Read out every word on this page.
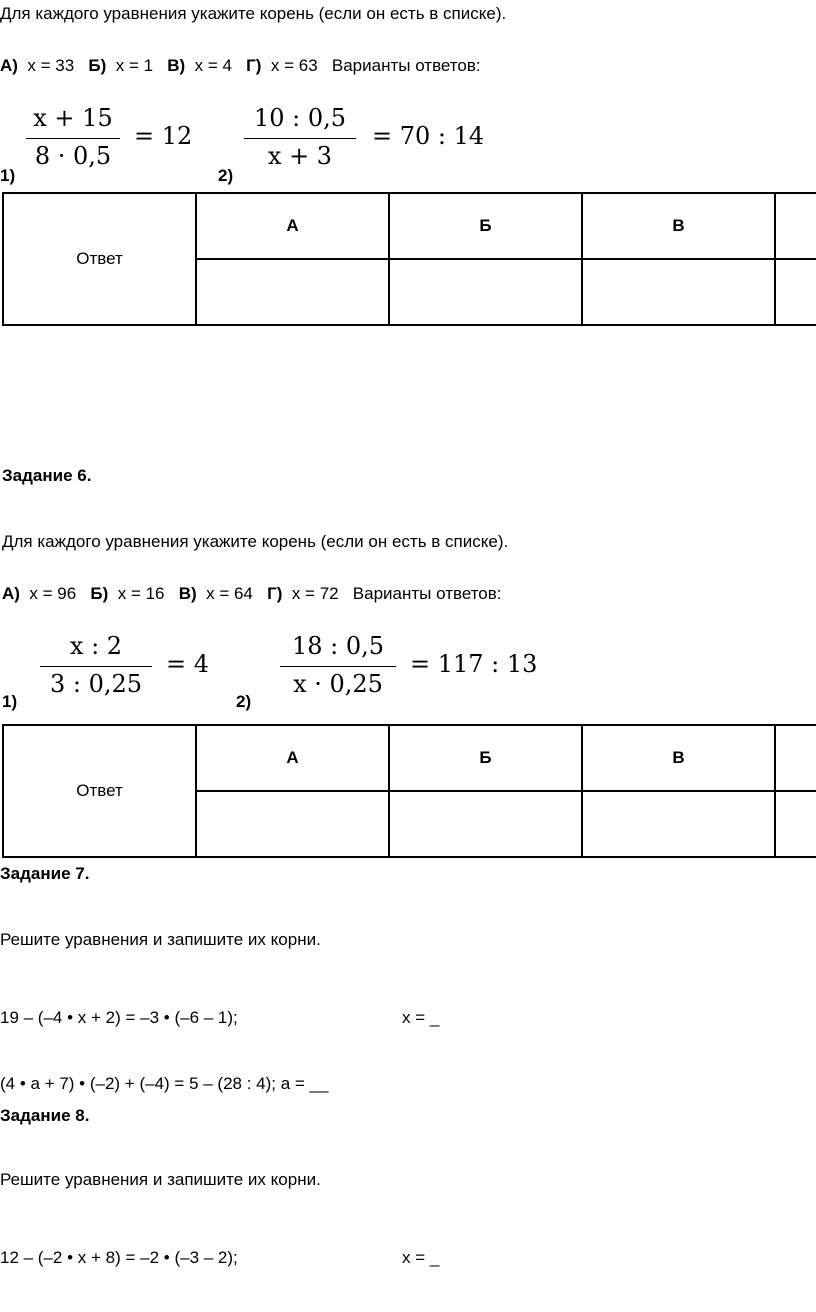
Для каждого уравнения укажите корень (если он есть в списке).
А) x = 33 Б) x = 1 В) x = 4 Г) x = 63 Варианты ответов:
x + 15
8 · 0,5
= 12
1)
10 : 0,5
x + 3
= 70 : 14
2)
Ответ	А	Б	В	

Задание 6.
Для каждого уравнения укажите корень (если он есть в списке).
А) x = 96 Б) x = 16 В) x = 64 Г) x = 72 Варианты ответов:
x : 2
3 : 0,25
= 4
1)
18 : 0,5
x · 0,25
= 117 : 13
2)
Ответ	А	Б	В	

Задание 7.
Решите уравнения и запишите их корни.
19 – (–4 • x + 2) = –3 • (–6 – 1);	x = _
(4 • a + 7) • (–2) + (–4) = 5 – (28 : 4); a = __
Задание 8.
Решите уравнения и запишите их корни.
12 – (–2 • x + 8) = –2 • (–3 – 2);	x = _
